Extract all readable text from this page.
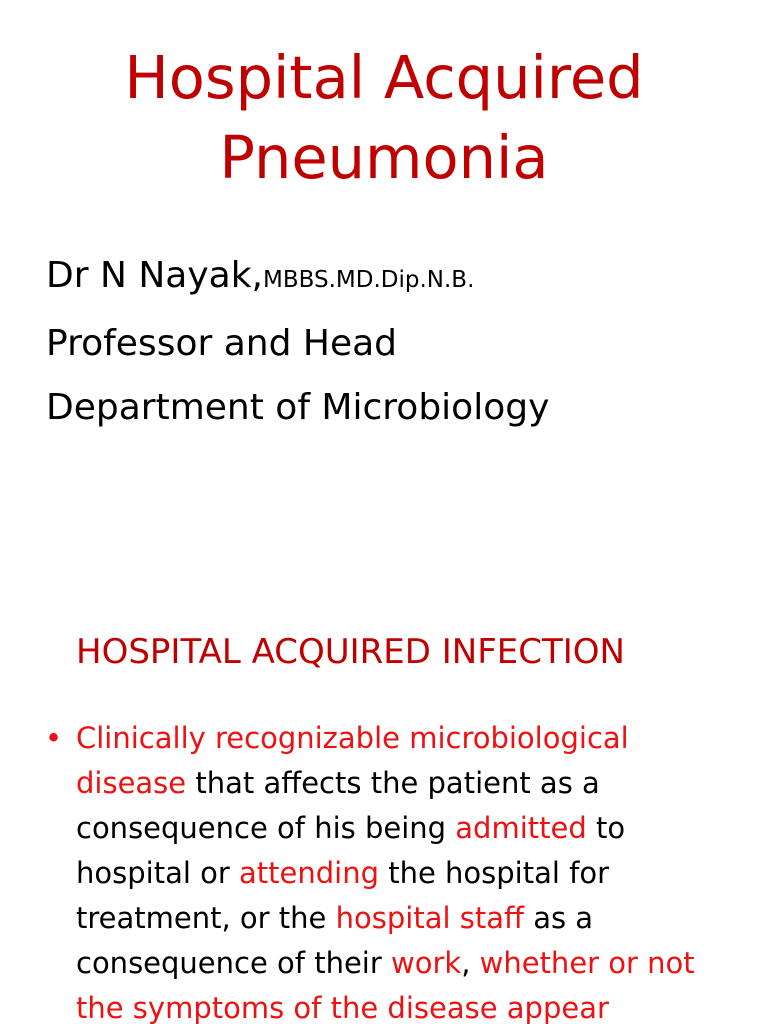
Hospital Acquired
Pneumonia
Dr N Nayak,MBBS.MD.Dip.N.B.
Professor and Head
Department of Microbiology
HOSPITAL ACQUIRED INFECTION

• Clinically recognizable microbiological disease that affects the patient as a consequence of his being admitted to hospital or attending the hospital for treatment, or the hospital staff as a consequence of their work, whether or not the symptoms of the disease appear
